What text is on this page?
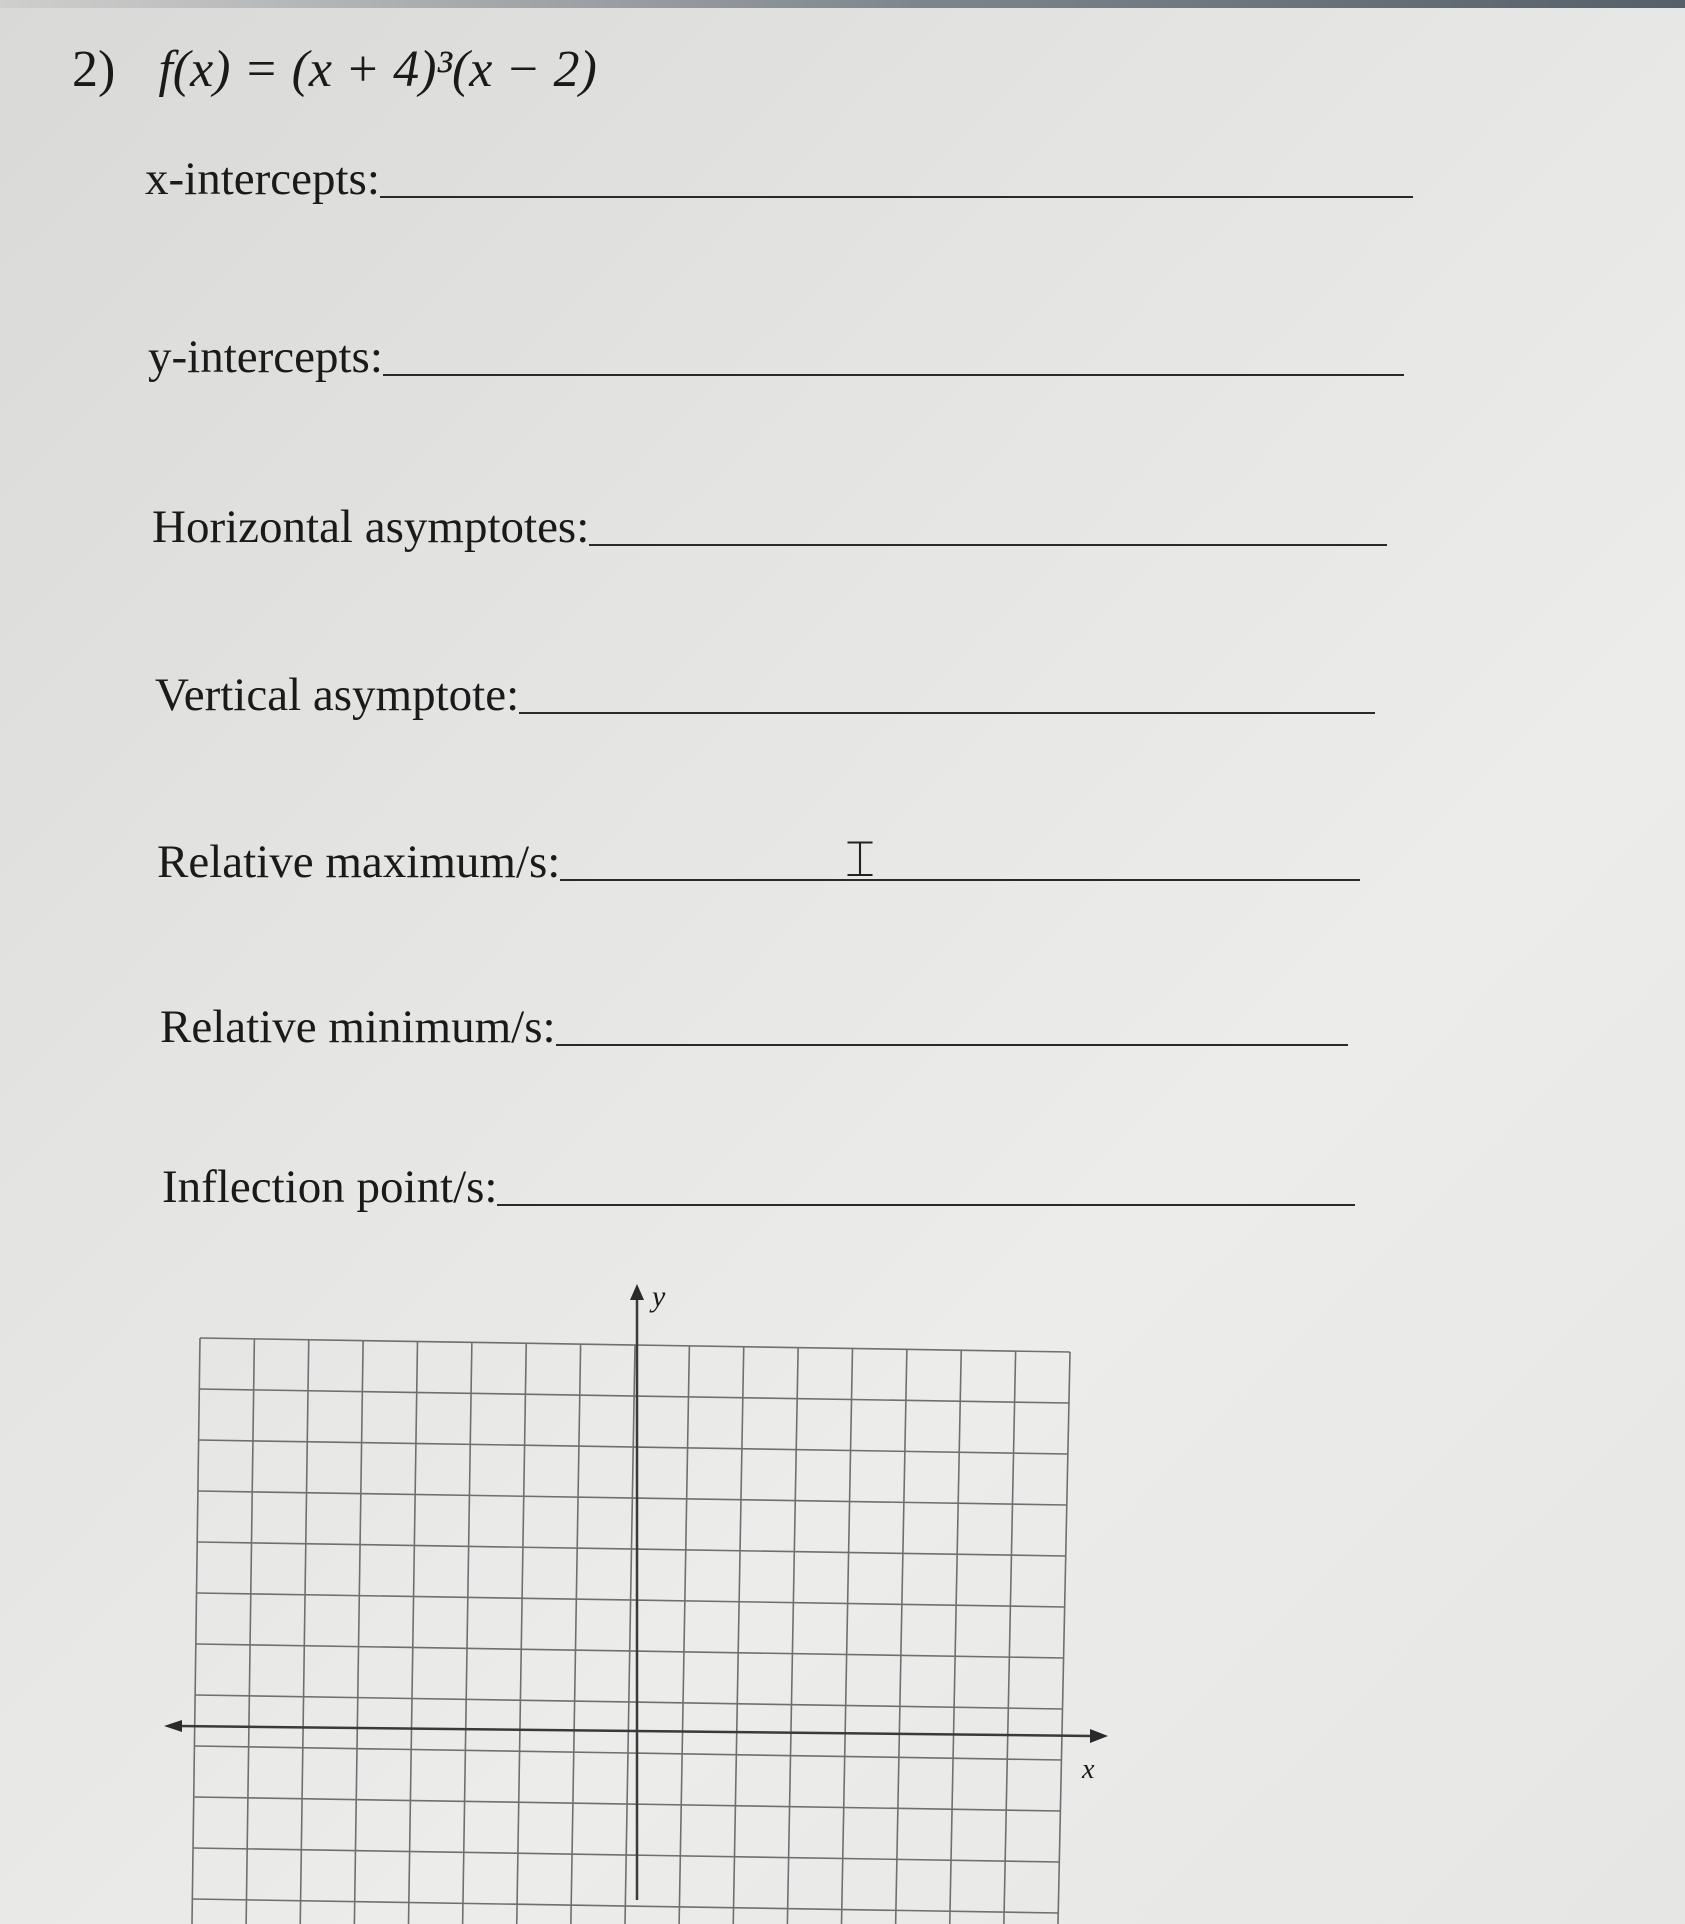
2) f(x) = (x + 4)³(x − 2)
x-intercepts:
y-intercepts:
Horizontal asymptotes:
Vertical asymptote:
Relative maximum/s:
Relative minimum/s:
Inflection point/s:
⌶
y
x
